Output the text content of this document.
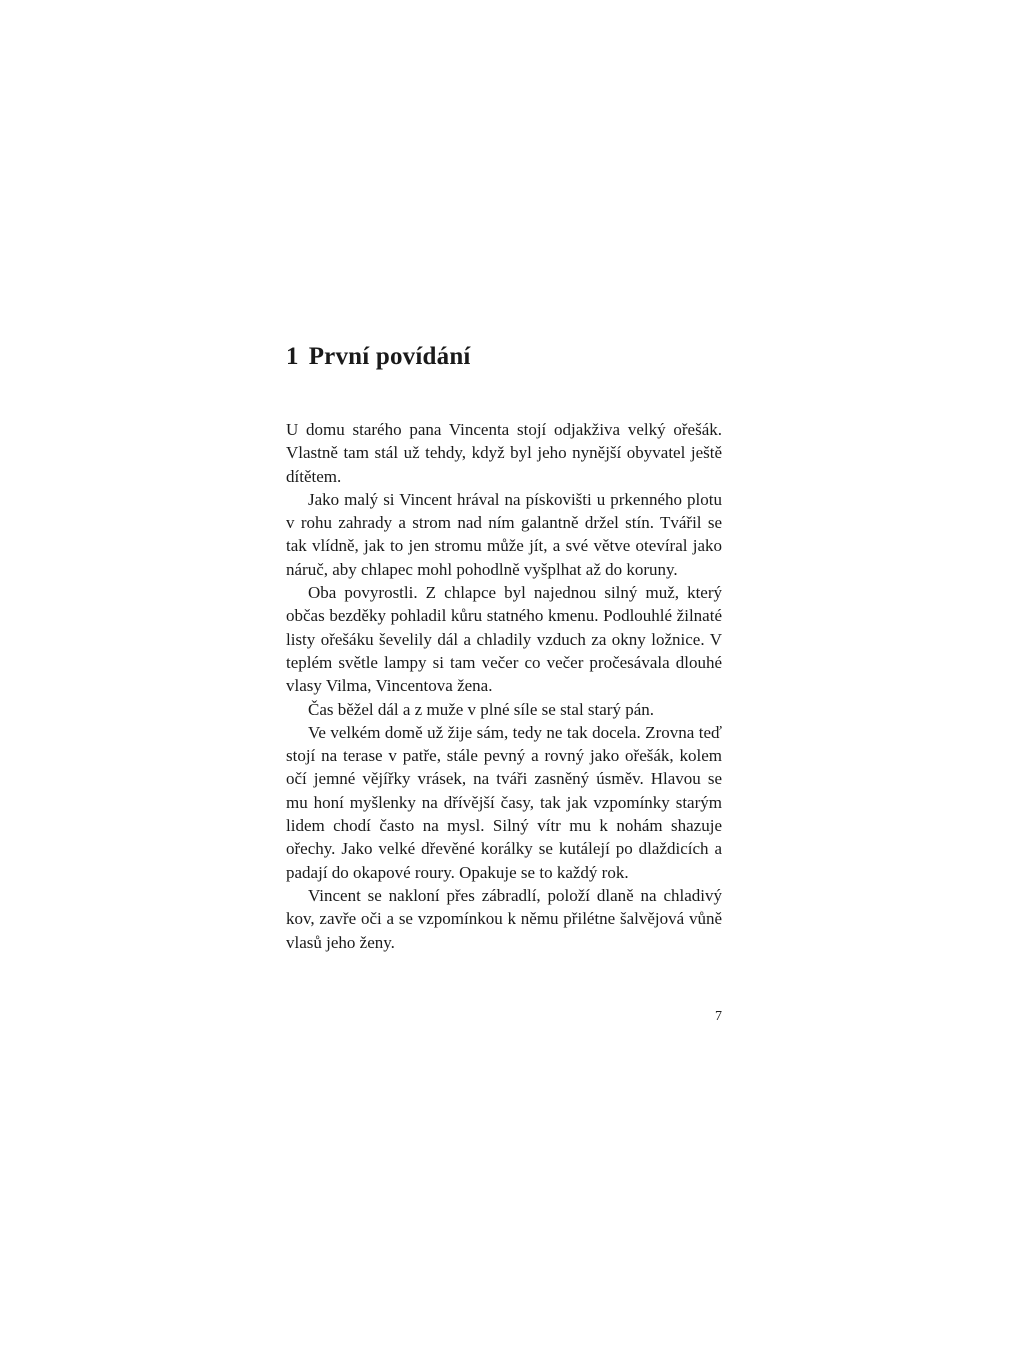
1 První povídání

U domu starého pana Vincenta stojí odjakživa velký ořešák. Vlastně tam stál už tehdy, když byl jeho nynější obyvatel ještě dítětem.

Jako malý si Vincent hrával na pískovišti u prkenného plotu v rohu zahrady a strom nad ním galantně držel stín. Tvářil se tak vlídně, jak to jen stromu může jít, a své větve otevíral jako náruč, aby chlapec mohl pohodlně vyšplhat až do koruny.

Oba povyrostli. Z chlapce byl najednou silný muž, který občas bezděky pohladil kůru statného kmenu. Podlouhlé žilnaté listy ořešáku ševelily dál a chladily vzduch za okny ložnice. V teplém světle lampy si tam večer co večer pročesávala dlouhé vlasy Vilma, Vincentova žena.

Čas běžel dál a z muže v plné síle se stal starý pán.

Ve velkém domě už žije sám, tedy ne tak docela. Zrovna teď stojí na terase v patře, stále pevný a rovný jako ořešák, kolem očí jemné vějířky vrásek, na tváři zasněný úsměv. Hlavou se mu honí myšlenky na dřívější časy, tak jak vzpomínky starým lidem chodí často na mysl. Silný vítr mu k nohám shazuje ořechy. Jako velké dřevěné korálky se kutálejí po dlaždicích a padají do okapové roury. Opakuje se to každý rok.

Vincent se nakloní přes zábradlí, položí dlaně na chladivý kov, zavře oči a se vzpomínkou k němu přilétne šalvějová vůně vlasů jeho ženy.

7
